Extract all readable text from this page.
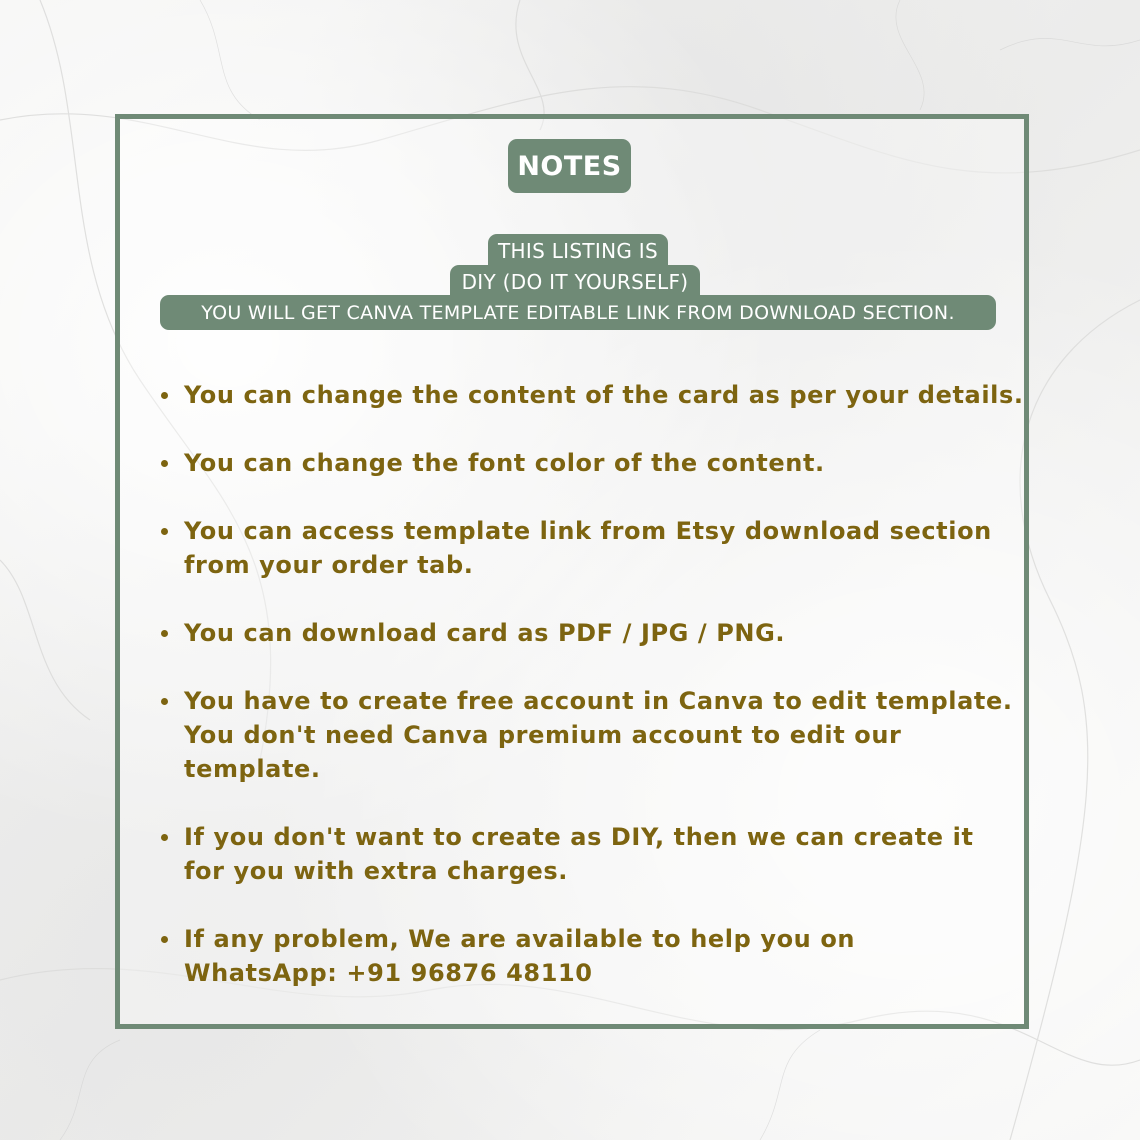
NOTES
THIS LISTING IS
DIY (DO IT YOURSELF)
YOU WILL GET CANVA TEMPLATE EDITABLE LINK FROM DOWNLOAD SECTION.
You can change the content of the card as per your details.
You can change the font color of the content.
You can access template link from Etsy download section
from your order tab.
You can download card as PDF / JPG / PNG.
You have to create free account in Canva to edit template.
You don't need Canva premium account to edit our
template.
If you don't want to create as DIY, then we can create it
for you with extra charges.
If any problem, We are available to help you on
WhatsApp: +91 96876 48110
